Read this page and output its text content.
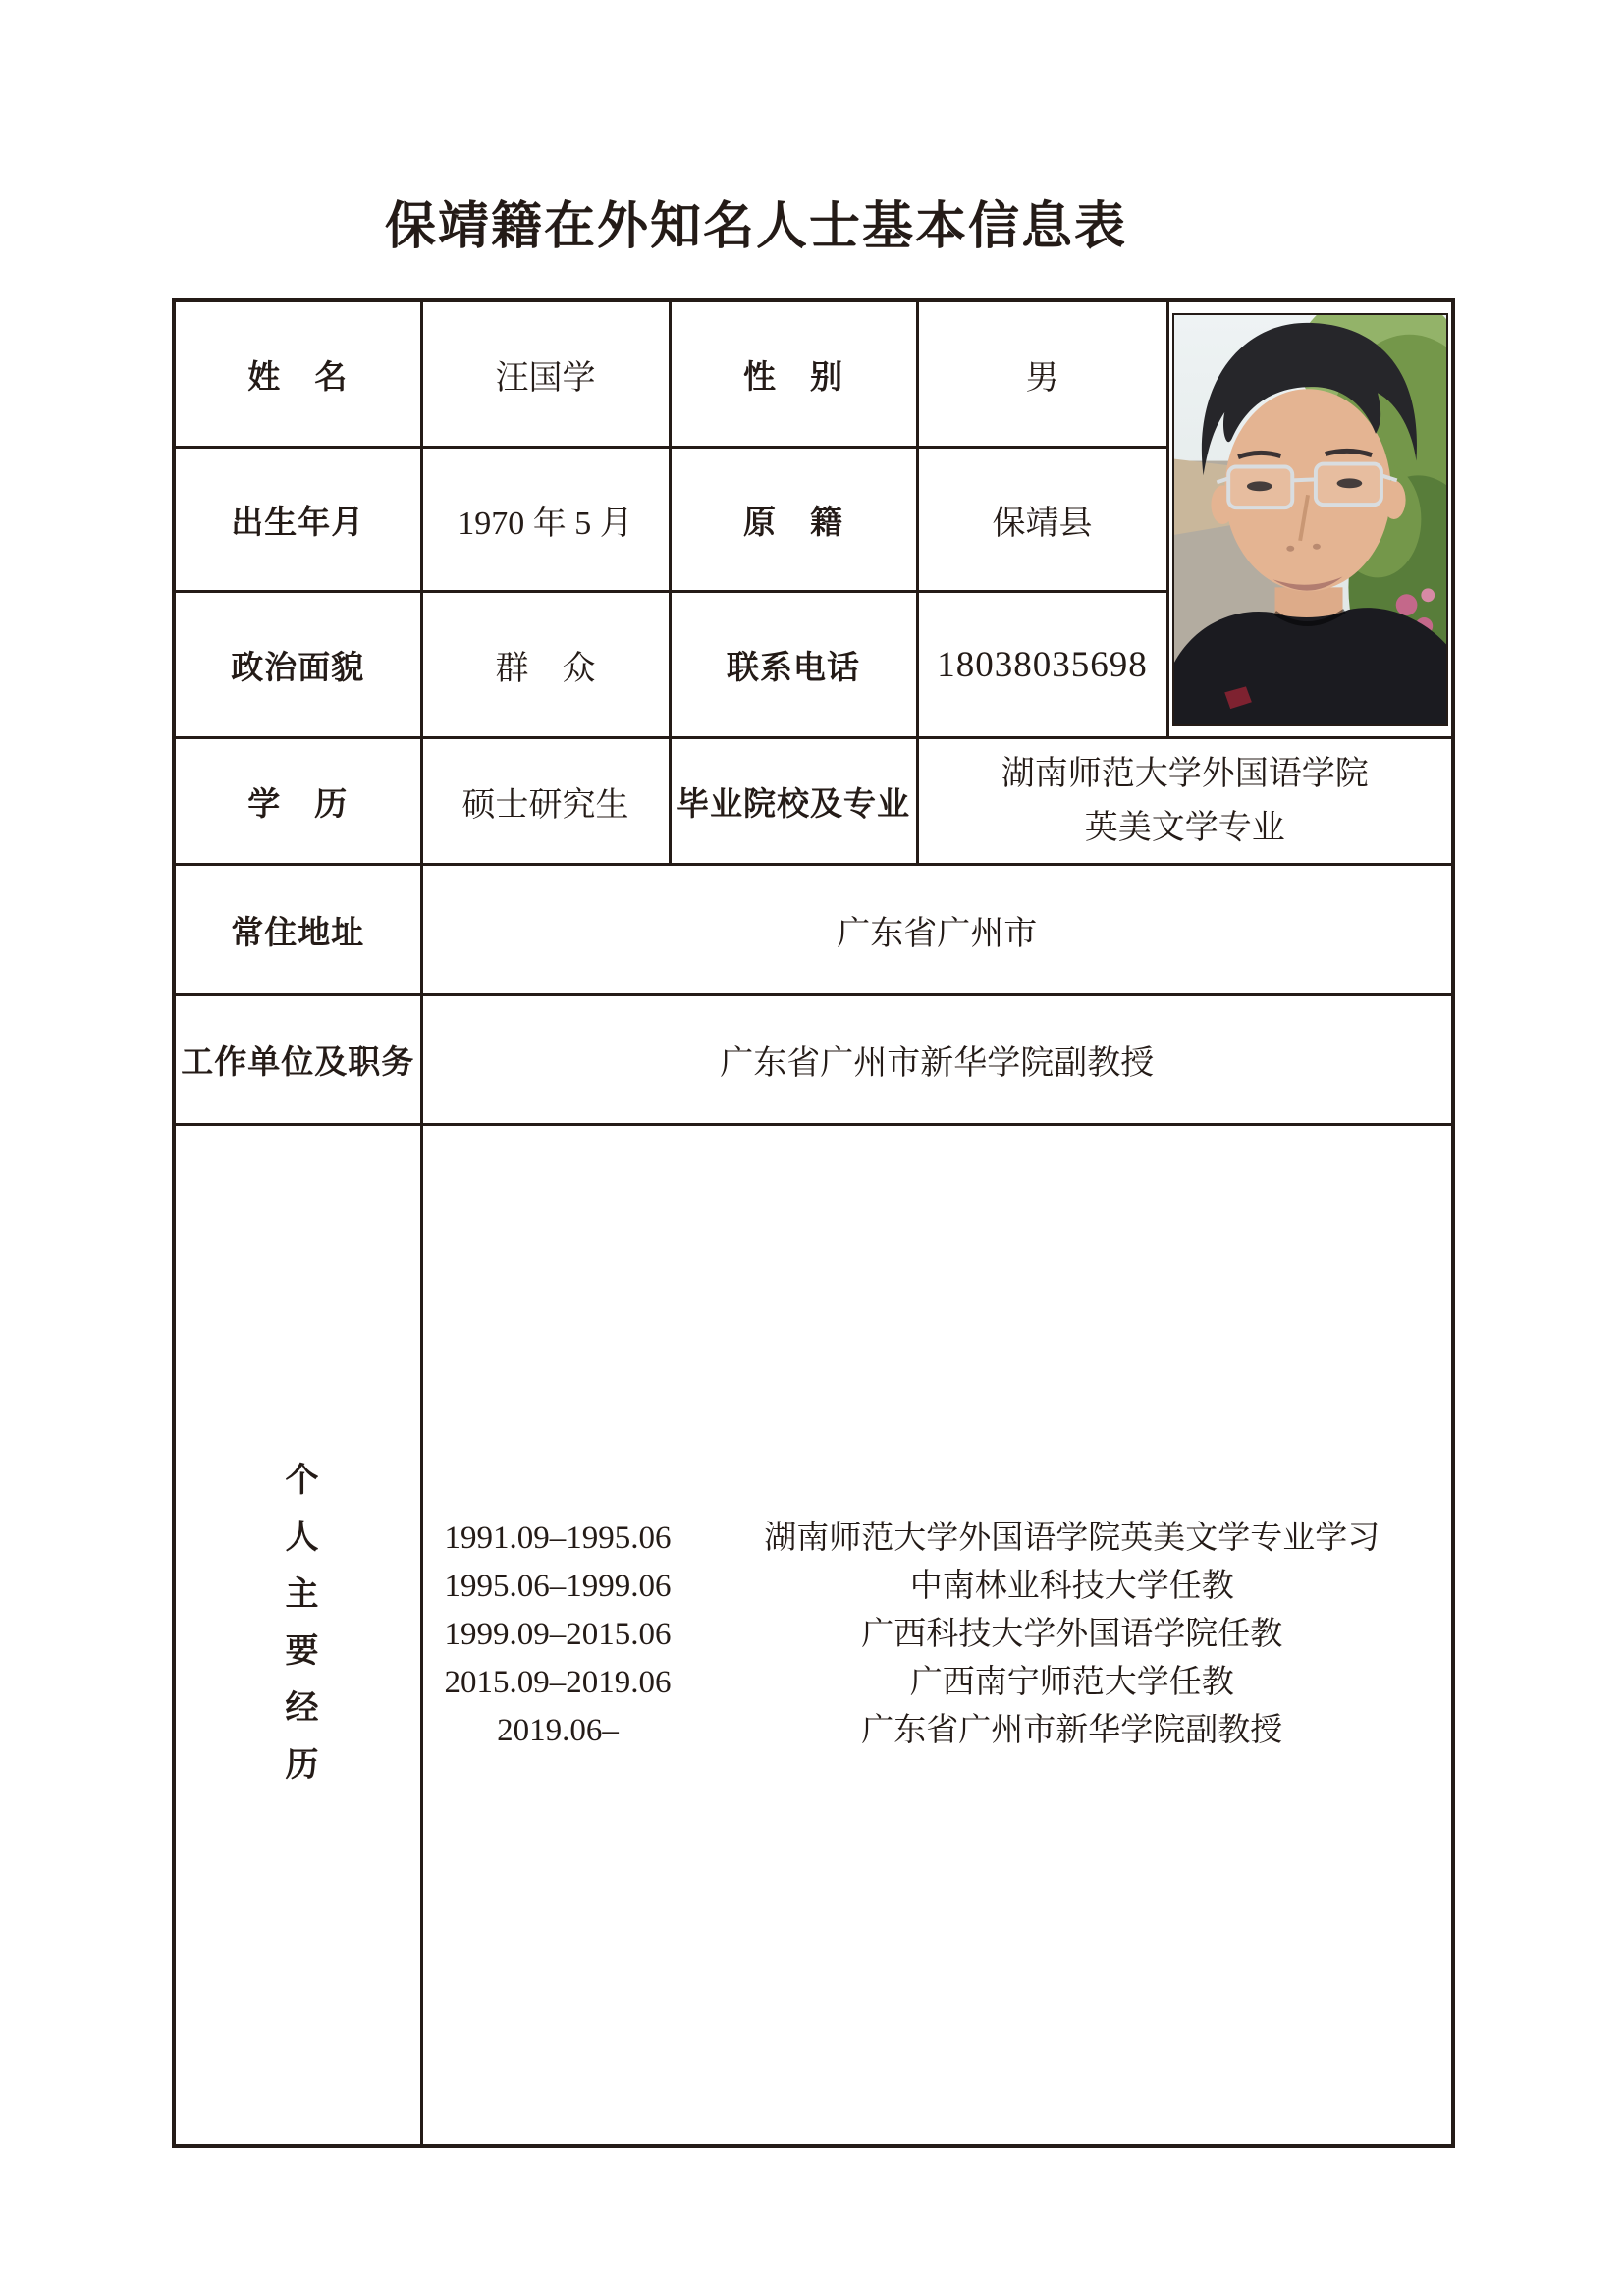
保靖籍在外知名人士基本信息表
姓　名	汪国学	性　别	男	

出生年月	1970 年 5 月	原　籍	保靖县	
政治面貌	群　众	联系电话	18038035698	
学　历	硕士研究生	毕业院校及专业	湖南师范大学外国语学院
英美文学专业	

常住地址	广东省广州市			
工作单位及职务	广东省广州市新华学院副教授			
个人主要经历	1991.09–1995.06	湖南师范大学外国语学院英美文学专业学习
1995.06–1999.06	中南林业科技大学任教
1999.09–2015.06	广西科技大学外国语学院任教
2015.09–2019.06	广西南宁师范大学任教
2019.06–	广东省广州市新华学院副教授
